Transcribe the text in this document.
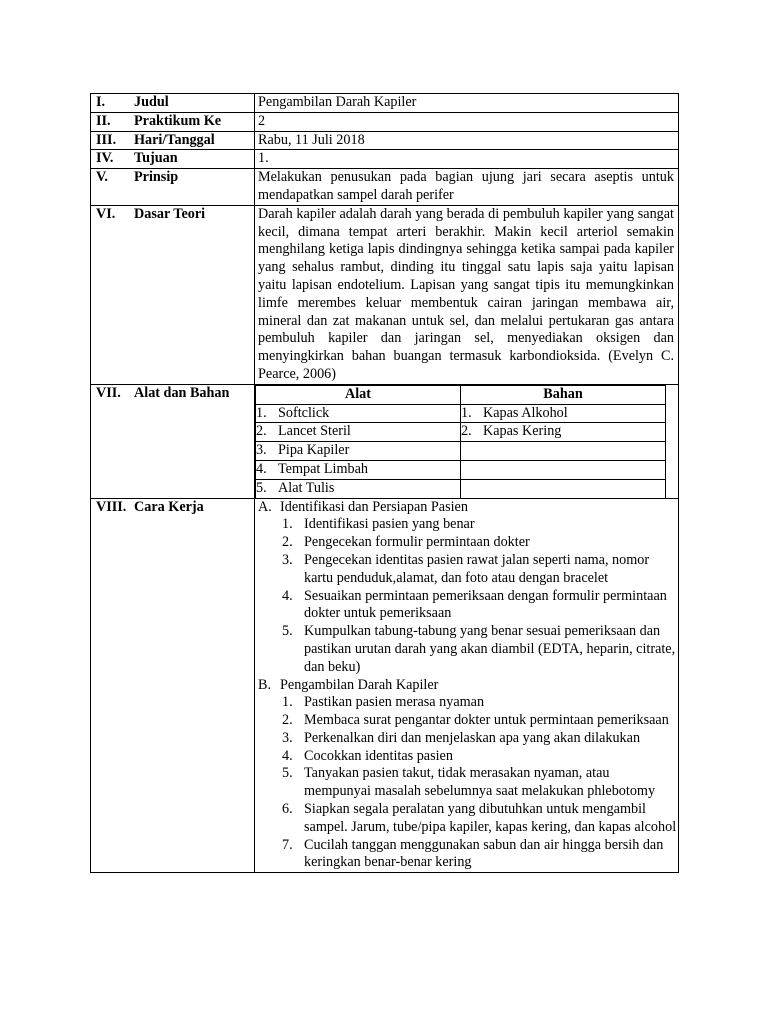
I. Judul	Pengambilan Darah Kapiler
II. Praktikum Ke	2
III. Hari/Tanggal	Rabu, 11 Juli 2018
IV. Tujuan	1.
V. Prinsip	Melakukan penusukan pada bagian ujung jari secara aseptis untuk mendapatkan sampel darah perifer
VI. Dasar Teori	Darah kapiler adalah darah yang berada di pembuluh kapiler yang sangat kecil, dimana tempat arteri berakhir. Makin kecil arteriol semakin menghilang ketiga lapis dindingnya sehingga ketika sampai pada kapiler yang sehalus rambut, dinding itu tinggal satu lapis saja yaitu lapisan yaitu lapisan endotelium. Lapisan yang sangat tipis itu memungkinkan limfe merembes keluar membentuk cairan jaringan membawa air, mineral dan zat makanan untuk sel, dan melalui pertukaran gas antara pembuluh kapiler dan jaringan sel, menyediakan oksigen dan menyingkirkan bahan buangan termasuk karbondioksida. (Evelyn C. Pearce, 2006)
VII. Alat dan Bahan		Alat	Bahan	
1. Softclick	1. Kapas Alkohol
2. Lancet Steril	2. Kapas Kering
3. Pipa Kapiler	
4. Tempat Limbah	
5. Alat Tulis	

VIII. Cara Kerja	A. Identifikasi dan Persiapan Pasien
1. Identifikasi pasien yang benar
2. Pengecekan formulir permintaan dokter
3. Pengecekan identitas pasien rawat jalan seperti nama, nomor kartu penduduk,alamat, dan foto atau dengan bracelet
4. Sesuaikan permintaan pemeriksaan dengan formulir permintaan dokter untuk pemeriksaan
5. Kumpulkan tabung-tabung yang benar sesuai pemeriksaan dan pastikan urutan darah yang akan diambil (EDTA, heparin, citrate, dan beku)
B. Pengambilan Darah Kapiler
1. Pastikan pasien merasa nyaman
2. Membaca surat pengantar dokter untuk permintaan pemeriksaan
3. Perkenalkan diri dan menjelaskan apa yang akan dilakukan
4. Cocokkan identitas pasien
5. Tanyakan pasien takut, tidak merasakan nyaman, atau mempunyai masalah sebelumnya saat melakukan phlebotomy
6. Siapkan segala peralatan yang dibutuhkan untuk mengambil sampel. Jarum, tube/pipa kapiler, kapas kering, dan kapas alcohol
7. Cucilah tanggan menggunakan sabun dan air hingga bersih dan keringkan benar-benar kering
